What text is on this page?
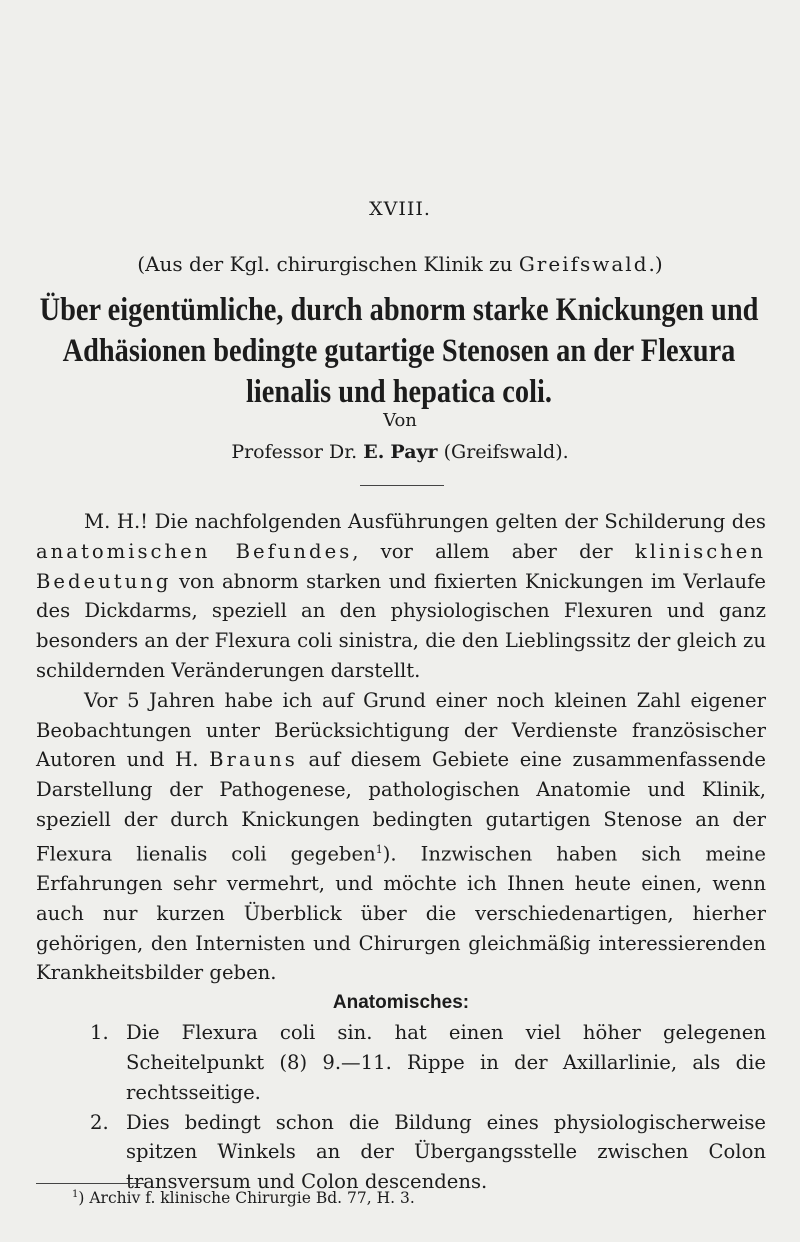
XVIII.
(Aus der Kgl. chirurgischen Klinik zu Greifswald.)
Über eigentümliche, durch abnorm starke Knickungen und
Adhäsionen bedingte gutartige Stenosen an der Flexura
lienalis und hepatica coli.
Von
Professor Dr. E. Payr (Greifswald).

M. H.! Die nachfolgenden Ausführungen gelten der Schilderung des anatomischen Befundes, vor allem aber der klinischen Bedeutung von abnorm starken und fixierten Knickungen im Verlaufe des Dickdarms, speziell an den physiologischen Flexuren und ganz besonders an der Flexura coli sinistra, die den Lieblingssitz der gleich zu schildernden Veränderungen darstellt.

Vor 5 Jahren habe ich auf Grund einer noch kleinen Zahl eigener Beobachtungen unter Berücksichtigung der Verdienste französischer Autoren und H. Brauns auf diesem Gebiete eine zusammenfassende Darstellung der Pathogenese, pathologischen Anatomie und Klinik, speziell der durch Knickungen bedingten gutartigen Stenose an der Flexura lienalis coli gegeben$^1$). Inzwischen haben sich meine Erfahrungen sehr vermehrt, und möchte ich Ihnen heute einen, wenn auch nur kurzen Überblick über die verschiedenartigen, hierher gehörigen, den Internisten und Chirurgen gleichmäßig interessierenden Krankheitsbilder geben.

Anatomisches:
1. Die Flexura coli sin. hat einen viel höher gelegenen Scheitelpunkt (8) 9.—11. Rippe in der Axillarlinie, als die rechtsseitige.
2. Dies bedingt schon die Bildung eines physiologischerweise spitzen Winkels an der Übergangsstelle zwischen Colon transversum und Colon descendens.
$^1$) Archiv f. klinische Chirurgie Bd. 77, H. 3.
